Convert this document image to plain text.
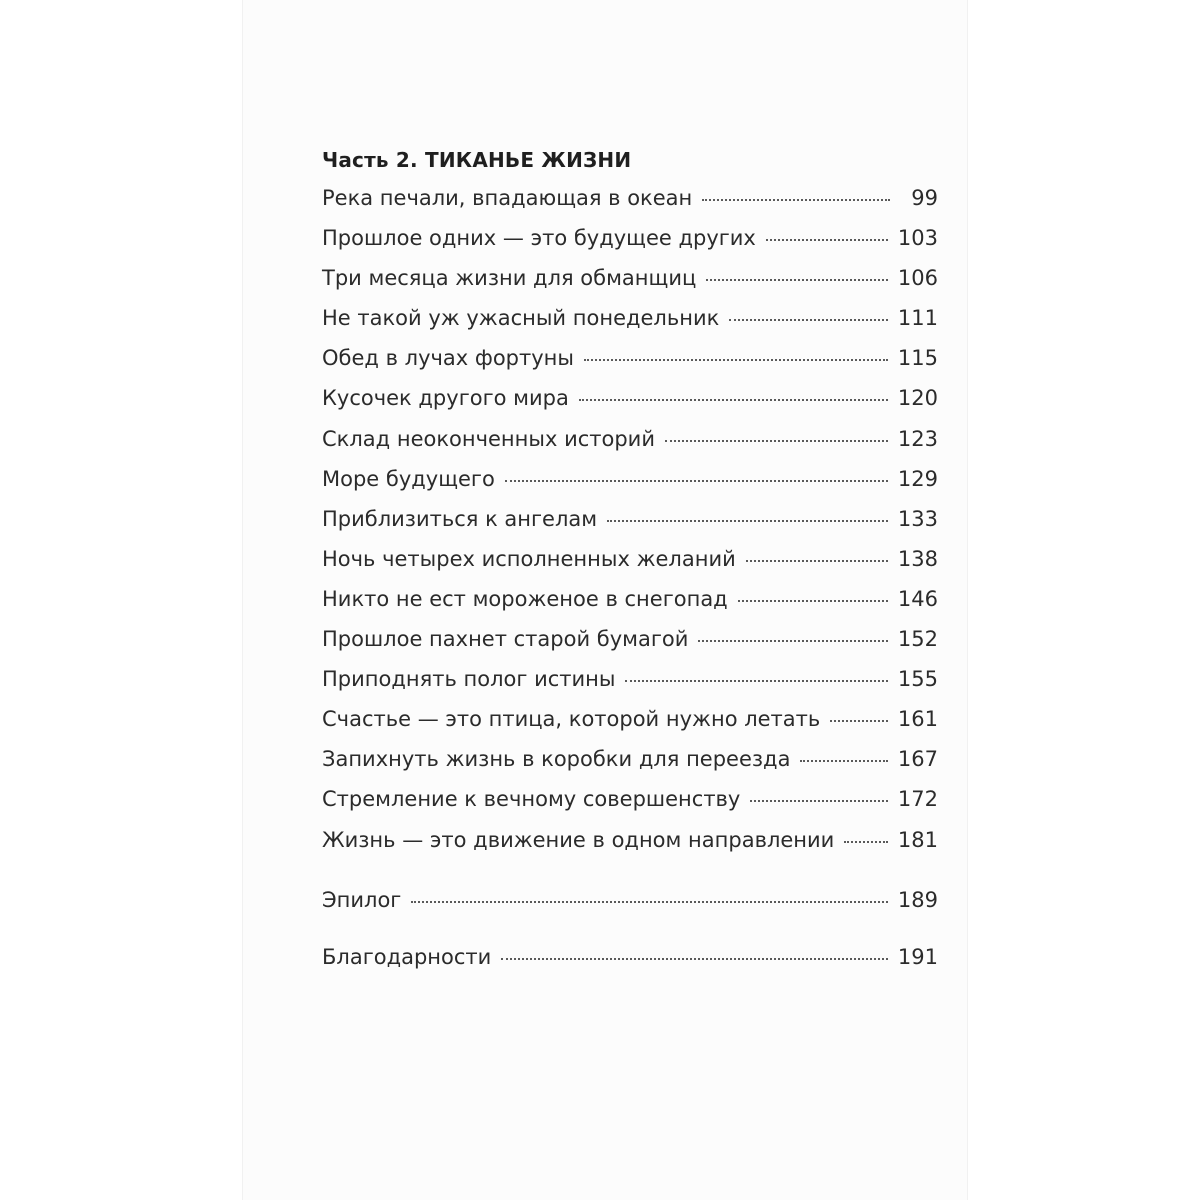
Часть 2. ТИКАНЬЕ ЖИЗНИ
Река печали, впадающая в океан	99
Прошлое одних — это будущее других	103
Три месяца жизни для обманщиц	106
Не такой уж ужасный понедельник	111
Обед в лучах фортуны	115
Кусочек другого мира	120
Склад неоконченных историй	123
Море будущего	129
Приблизиться к ангелам	133
Ночь четырех исполненных желаний	138
Никто не ест мороженое в снегопад	146
Прошлое пахнет старой бумагой	152
Приподнять полог истины	155
Счастье — это птица, которой нужно летать	161
Запихнуть жизнь в коробки для переезда	167
Стремление к вечному совершенству	172
Жизнь — это движение в одном направлении	181
Эпилог	189
Благодарности	191
